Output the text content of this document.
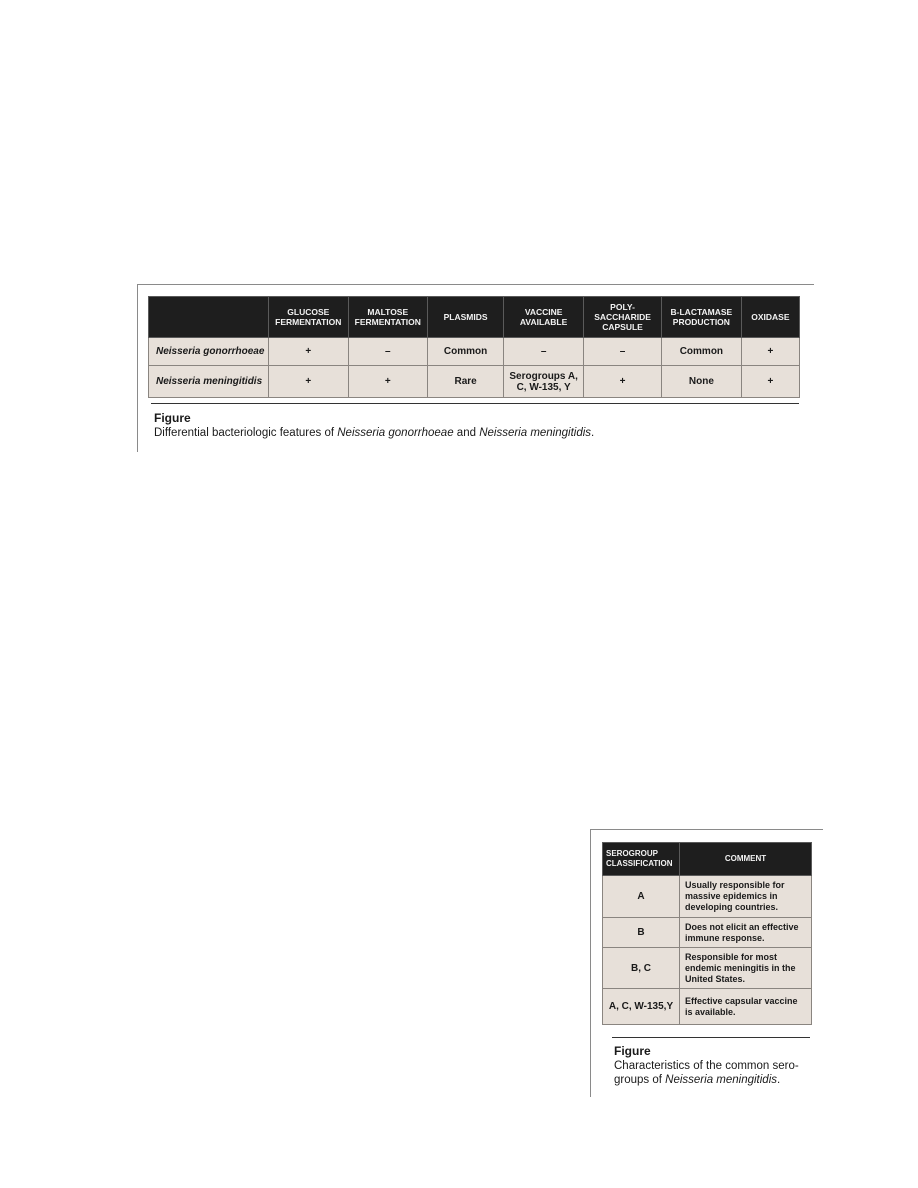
	GLUCOSE FERMENTATION	MALTOSE FERMENTATION	PLASMIDS	VACCINE AVAILABLE	POLY-SACCHARIDE CAPSULE	Β-LACTAMASE PRODUCTION	OXIDASE
Neisseria gonorrhoeae	+	–	Common	–	–	Common	+
Neisseria meningitidis	+	+	Rare	Serogroups A, C, W-135, Y	+	None	+
Figure
Differential bacteriologic features of Neisseria gonorrhoeae and Neisseria meningitidis.
SEROGROUP CLASSIFICATION	COMMENT
A	Usually responsible for massive epidemics in developing countries.
B	Does not elicit an effective immune response.
B, C	Responsible for most endemic meningitis in the United States.
A, C, W-135,Y	Effective capsular vaccine is available.
Figure
Characteristics of the common sero-groups of Neisseria meningitidis.
